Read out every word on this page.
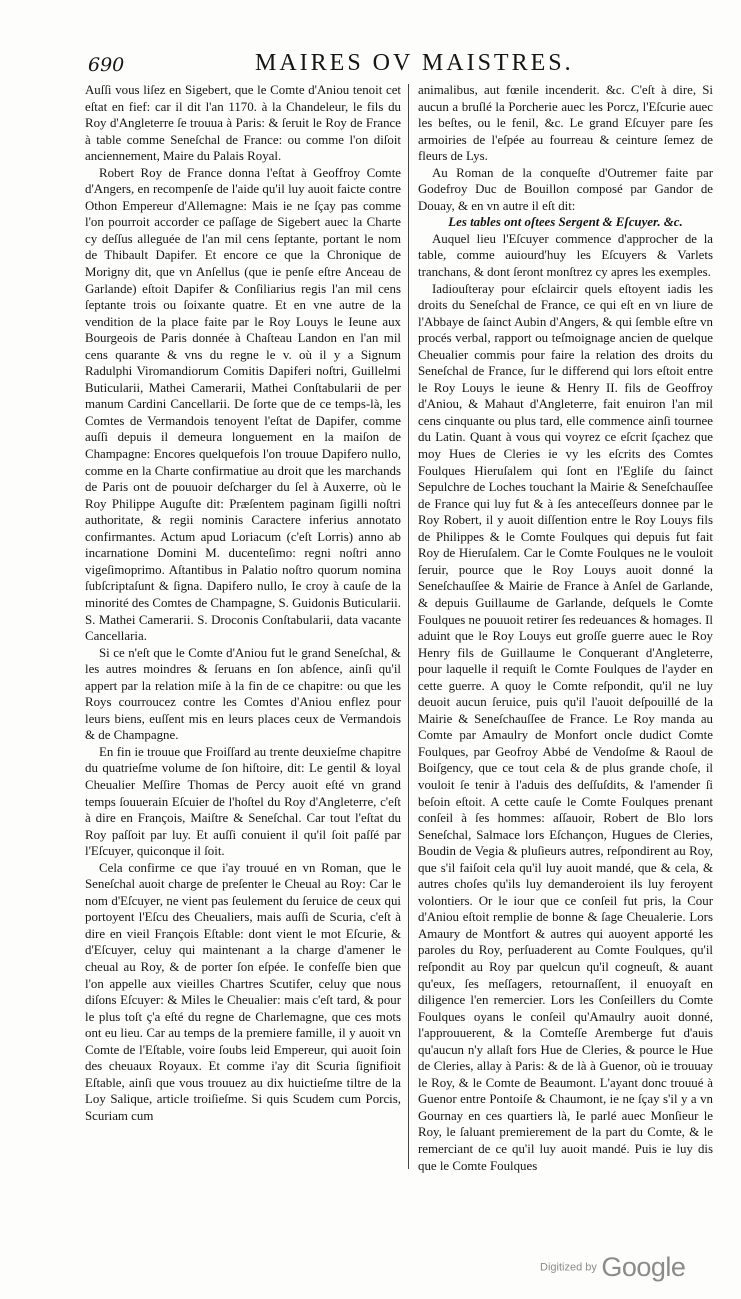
690	MAIRES OV MAISTRES.

Auſſi vous liſez en Sigebert, que le Comte d'Aniou tenoit cet eſtat en fief: car il dit l'an 1170. à la Chandeleur, le fils du Roy d'Angleterre ſe trouua à Paris: & ſeruit le Roy de France à table comme Seneſchal de France: ou comme l'on diſoit anciennement, Maire du Palais Royal.

Robert Roy de France donna l'eſtat à Geoffroy Comte d'Angers, en recompenſe de l'aide qu'il luy auoit faicte contre Othon Empereur d'Allemagne: Mais ie ne ſçay pas comme l'on pourroit accorder ce paſſage de Sigebert auec la Charte cy deſſus alleguée de l'an mil cens ſeptante, portant le nom de Thibault Dapifer. Et encore ce que la Chronique de Morigny dit, que vn Anſellus (que ie penſe eſtre Anceau de Garlande) eſtoit Dapifer & Conſiliarius regis l'an mil cens ſeptante trois ou ſoixante quatre. Et en vne autre de la vendition de la place faite par le Roy Louys le Ieune aux Bourgeois de Paris donnée à Chaſteau Landon en l'an mil cens quarante & vns du regne le v. où il y a Signum Radulphi Viromandiorum Comitis Dapiferi noſtri, Guillelmi Buticularii, Mathei Camerarii, Mathei Conſtabularii de per manum Cardini Cancellarii. De ſorte que de ce temps-là, les Comtes de Vermandois tenoyent l'eſtat de Dapifer, comme auſſi depuis il demeura longuement en la maiſon de Champagne: Encores quelquefois l'on trouue Dapifero nullo, comme en la Charte confirmatiue au droit que les marchands de Paris ont de pouuoir deſcharger du ſel à Auxerre, où le Roy Philippe Auguſte dit: Præſentem paginam ſigilli noſtri authoritate, & regii nominis Caractere inferius annotato confirmantes. Actum apud Loriacum (c'eſt Lorris) anno ab incarnatione Domini M. ducenteſimo: regni noſtri anno vigeſimoprimo. Aſtantibus in Palatio noſtro quorum nomina ſubſcriptaſunt & ſigna. Dapifero nullo, Ie croy à cauſe de la minorité des Comtes de Champagne, S. Guidonis Buticularii. S. Mathei Camerarii. S. Droconis Conſtabularii, data vacante Cancellaria.

Si ce n'eſt que le Comte d'Aniou fut le grand Seneſchal, & les autres moindres & ſeruans en ſon abſence, ainſi qu'il appert par la relation miſe à la fin de ce chapitre: ou que les Roys courroucez contre les Comtes d'Aniou enflez pour leurs biens, euſſent mis en leurs places ceux de Vermandois & de Champagne.

En fin ie trouue que Froiſſard au trente deuxieſme chapitre du quatrieſme volume de ſon hiſtoire, dit: Le gentil & loyal Cheualier Meſſire Thomas de Percy auoit eſté vn grand temps ſouuerain Eſcuier de l'hoſtel du Roy d'Angleterre, c'eſt à dire en François, Maiſtre & Seneſchal. Car tout l'eſtat du Roy paſſoit par luy. Et auſſi conuient il qu'il ſoit paſſé par l'Eſcuyer, quiconque il ſoit.

Cela confirme ce que i'ay trouué en vn Roman, que le Seneſchal auoit charge de preſenter le Cheual au Roy: Car le nom d'Eſcuyer, ne vient pas ſeulement du ſeruice de ceux qui portoyent l'Eſcu des Cheualiers, mais auſſi de Scuria, c'eſt à dire en vieil François Eſtable: dont vient le mot Eſcurie, & d'Eſcuyer, celuy qui maintenant a la charge d'amener le cheual au Roy, & de porter ſon eſpée. Ie confeſſe bien que l'on appelle aux vieilles Chartres Scutifer, celuy que nous diſons Eſcuyer: & Miles le Cheualier: mais c'eſt tard, & pour le plus toſt ç'a eſté du regne de Charlemagne, que ces mots ont eu lieu. Car au temps de la premiere famille, il y auoit vn Comte de l'Eſtable, voire ſoubs leid Empereur, qui auoit ſoin des cheuaux Royaux. Et comme i'ay dit Scuria ſignifioit Eſtable, ainſi que vous trouuez au dix huictieſme tiltre de la Loy Salique, article troiſieſme. Si quis Scudem cum Porcis, Scuriam cum

animalibus, aut fœnile incenderit. &c. C'eſt à dire, Si aucun a bruſlé la Porcherie auec les Porcz, l'Eſcurie auec les beſtes, ou le fenil, &c. Le grand Eſcuyer pare ſes armoiries de l'eſpée au fourreau & ceinture ſemez de fleurs de Lys.

Au Roman de la conqueſte d'Outremer faite par Godefroy Duc de Bouillon composé par Gandor de Douay, & en vn autre il eſt dit:

Les tables ont oſtees Sergent & Eſcuyer. &c.

Auquel lieu l'Eſcuyer commence d'approcher de la table, comme auiourd'huy les Eſcuyers & Varlets tranchans, & dont ſeront monſtrez cy apres les exemples.

Iadiouſteray pour eſclaircir quels eſtoyent iadis les droits du Seneſchal de France, ce qui eſt en vn liure de l'Abbaye de ſainct Aubin d'Angers, & qui ſemble eſtre vn procés verbal, rapport ou teſmoignage ancien de quelque Cheualier commis pour faire la relation des droits du Seneſchal de France, ſur le differend qui lors eſtoit entre le Roy Louys le ieune & Henry II. fils de Geoffroy d'Aniou, & Mahaut d'Angleterre, fait enuiron l'an mil cens cinquante ou plus tard, elle commence ainſi tournee du Latin. Quant à vous qui voyrez ce eſcrit ſçachez que moy Hues de Cleries ie vy les eſcrits des Comtes Foulques Hieruſalem qui ſont en l'Egliſe du ſainct Sepulchre de Loches touchant la Mairie & Seneſchauſſee de France qui luy fut & à ſes anteceſſeurs donnee par le Roy Robert, il y auoit diſſention entre le Roy Louys fils de Philippes & le Comte Foulques qui depuis fut fait Roy de Hieruſalem. Car le Comte Foulques ne le vouloit ſeruir, pource que le Roy Louys auoit donné la Seneſchauſſee & Mairie de France à Anſel de Garlande, & depuis Guillaume de Garlande, deſquels le Comte Foulques ne pouuoit retirer ſes redeuances & homages. Il aduint que le Roy Louys eut groſſe guerre auec le Roy Henry fils de Guillaume le Conquerant d'Angleterre, pour laquelle il requiſt le Comte Foulques de l'ayder en cette guerre. A quoy le Comte reſpondit, qu'il ne luy deuoit aucun ſeruice, puis qu'il l'auoit deſpouillé de la Mairie & Seneſchauſſee de France. Le Roy manda au Comte par Amaulry de Monfort oncle dudict Comte Foulques, par Geofroy Abbé de Vendoſme & Raoul de Boiſgency, que ce tout cela & de plus grande choſe, il vouloit ſe tenir à l'aduis des deſſuſdits, & l'amender ſi beſoin eſtoit. A cette cauſe le Comte Foulques prenant conſeil à ſes hommes: aſſauoir, Robert de Blo lors Seneſchal, Salmace lors Eſchançon, Hugues de Cleries, Boudin de Vegia & pluſieurs autres, reſpondirent au Roy, que s'il faiſoit cela qu'il luy auoit mandé, que & cela, & autres choſes qu'ils luy demanderoient ils luy feroyent volontiers. Or le iour que ce conſeil fut pris, la Cour d'Aniou eſtoit remplie de bonne & ſage Cheualerie. Lors Amaury de Montfort & autres qui auoyent apporté les paroles du Roy, perſuaderent au Comte Foulques, qu'il reſpondit au Roy par quelcun qu'il cogneuſt, & auant qu'eux, ſes meſſagers, retournaſſent, il enuoyaſt en diligence l'en remercier. Lors les Conſeillers du Comte Foulques oyans le conſeil qu'Amaulry auoit donné, l'approuuerent, & la Comteſſe Aremberge fut d'auis qu'aucun n'y allaſt fors Hue de Cleries, & pource le Hue de Cleries, allay à Paris: & de là à Guenor, où ie trouuay le Roy, & le Comte de Beaumont. L'ayant donc trouué à Guenor entre Pontoiſe & Chaumont, ie ne ſçay s'il y a vn Gournay en ces quartiers là, Ie parlé auec Monſieur le Roy, le ſaluant premierement de la part du Comte, & le remerciant de ce qu'il luy auoit mandé. Puis ie luy dis que le Comte Foulques

Digitized by Google
